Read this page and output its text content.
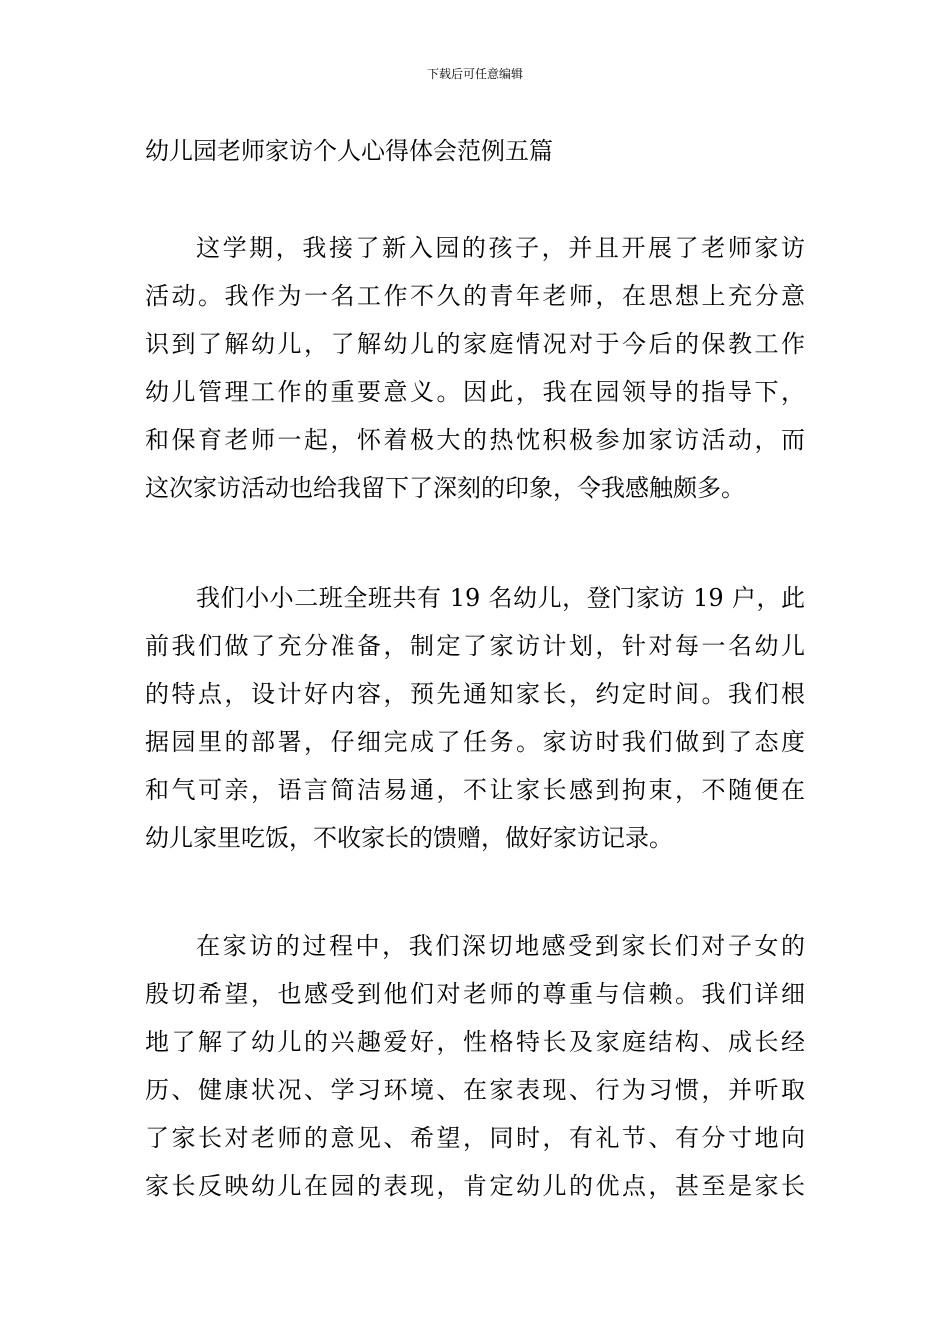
下载后可任意编辑
幼儿园老师家访个人心得体会范例五篇
这学期，我接了新入园的孩子，并且开展了老师家访
活动。我作为一名工作不久的青年老师，在思想上充分意
识到了解幼儿，了解幼儿的家庭情况对于今后的保教工作
幼儿管理工作的重要意义。因此，我在园领导的指导下，
和保育老师一起，怀着极大的热忱积极参加家访活动，而
这次家访活动也给我留下了深刻的印象，令我感触颇多。
我们小小二班全班共有 19 名幼儿，登门家访 19 户，此
前我们做了充分准备，制定了家访计划，针对每一名幼儿
的特点，设计好内容，预先通知家长，约定时间。我们根
据园里的部署，仔细完成了任务。家访时我们做到了态度
和气可亲，语言简洁易通，不让家长感到拘束，不随便在
幼儿家里吃饭，不收家长的馈赠，做好家访记录。
在家访的过程中，我们深切地感受到家长们对子女的
殷切希望，也感受到他们对老师的尊重与信赖。我们详细
地了解了幼儿的兴趣爱好，性格特长及家庭结构、成长经
历、健康状况、学习环境、在家表现、行为习惯，并听取
了家长对老师的意见、希望，同时，有礼节、有分寸地向
家长反映幼儿在园的表现，肯定幼儿的优点，甚至是家长
